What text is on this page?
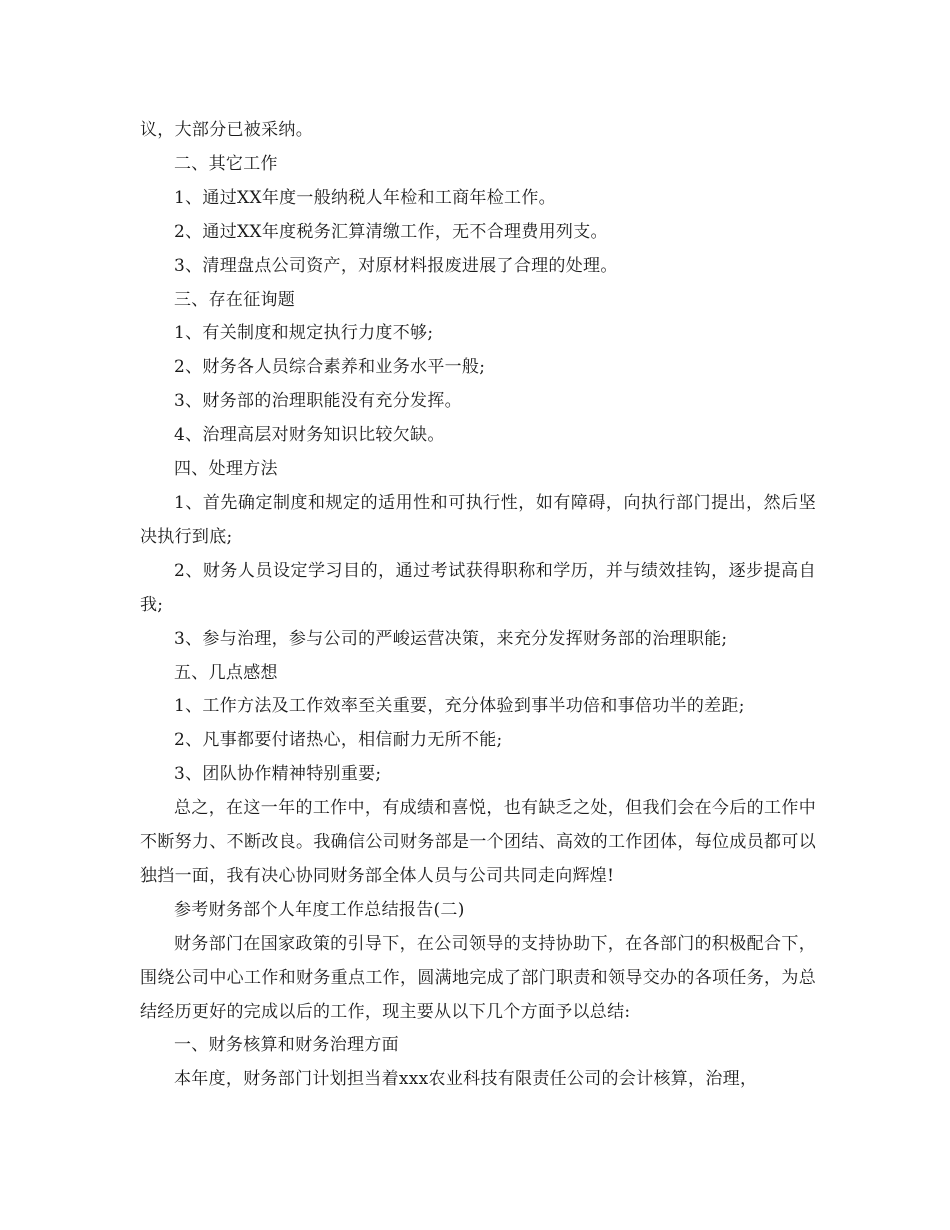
议，大部分已被采纳。

二、其它工作

1、通过XX年度一般纳税人年检和工商年检工作。

2、通过XX年度税务汇算清缴工作，无不合理费用列支。

3、清理盘点公司资产，对原材料报废进展了合理的处理。

三、存在征询题

1、有关制度和规定执行力度不够;

2、财务各人员综合素养和业务水平一般;

3、财务部的治理职能没有充分发挥。

4、治理高层对财务知识比较欠缺。

四、处理方法

1、首先确定制度和规定的适用性和可执行性，如有障碍，向执行部门提出，然后坚决执行到底;

2、财务人员设定学习目的，通过考试获得职称和学历，并与绩效挂钩，逐步提高自我;

3、参与治理，参与公司的严峻运营决策，来充分发挥财务部的治理职能;

五、几点感想

1、工作方法及工作效率至关重要，充分体验到事半功倍和事倍功半的差距;

2、凡事都要付诸热心，相信耐力无所不能;

3、团队协作精神特别重要;

总之，在这一年的工作中，有成绩和喜悦，也有缺乏之处，但我们会在今后的工作中不断努力、不断改良。我确信公司财务部是一个团结、高效的工作团体，每位成员都可以独挡一面，我有决心协同财务部全体人员与公司共同走向辉煌!

参考财务部个人年度工作总结报告(二)

财务部门在国家政策的引导下，在公司领导的支持协助下，在各部门的积极配合下，围绕公司中心工作和财务重点工作，圆满地完成了部门职责和领导交办的各项任务，为总结经历更好的完成以后的工作，现主要从以下几个方面予以总结:

一、财务核算和财务治理方面

本年度，财务部门计划担当着xxx农业科技有限责任公司的会计核算，治理，
